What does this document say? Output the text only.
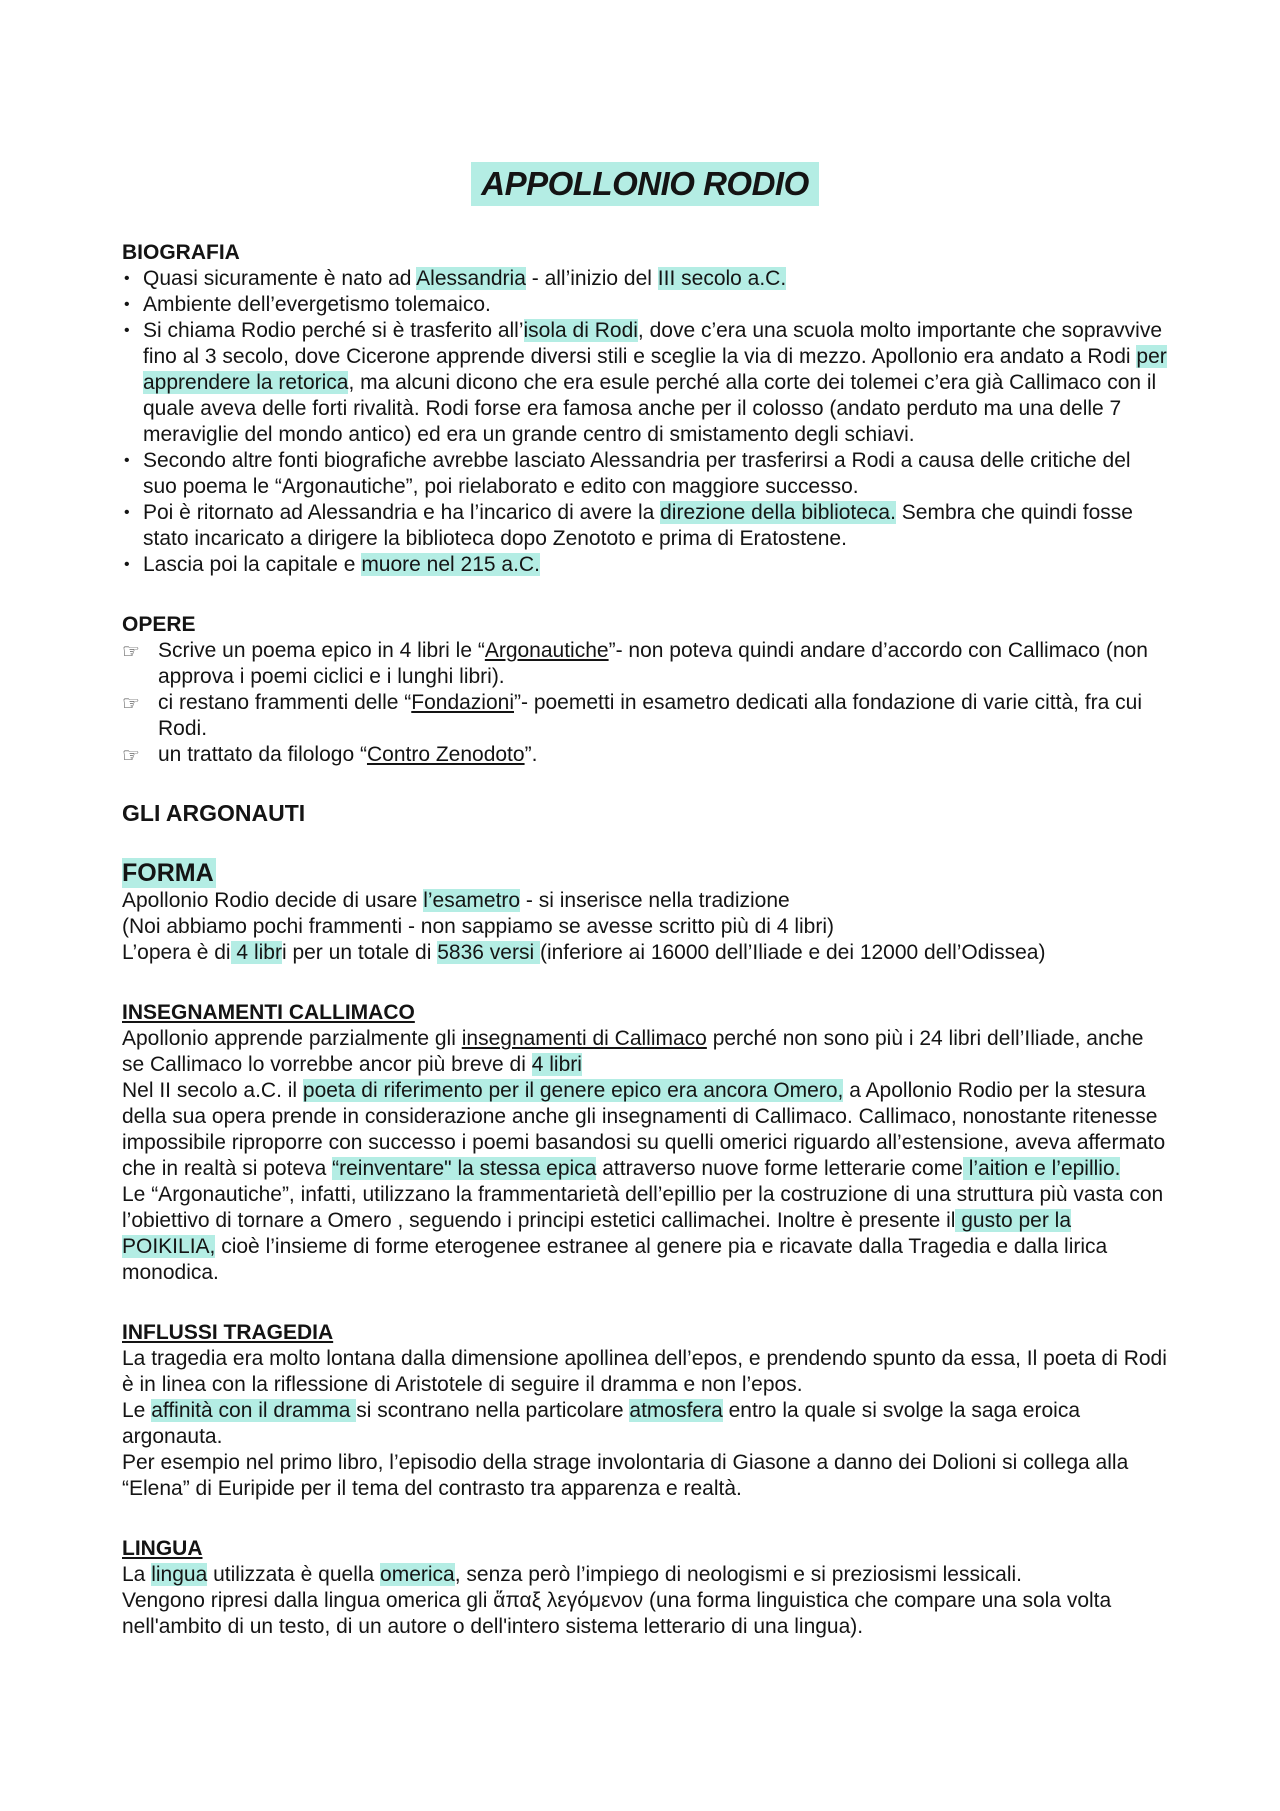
APPOLLONIO RODIO

BIOGRAFIA

• Quasi sicuramente è nato ad Alessandria - all’inizio del III secolo a.C.
• Ambiente dell’evergetismo tolemaico.
• Si chiama Rodio perché si è trasferito all’isola di Rodi, dove c’era una scuola molto importante che sopravvive fino al 3 secolo, dove Cicerone apprende diversi stili e sceglie la via di mezzo. Apollonio era andato a Rodi per apprendere la retorica, ma alcuni dicono che era esule perché alla corte dei tolemei c’era già Callimaco con il quale aveva delle forti rivalità. Rodi forse era famosa anche per il colosso (andato perduto ma una delle 7 meraviglie del mondo antico) ed era un grande centro di smistamento degli schiavi.
• Secondo altre fonti biografiche avrebbe lasciato Alessandria per trasferirsi a Rodi a causa delle critiche del suo poema le “Argonautiche”, poi rielaborato e edito con maggiore successo.
• Poi è ritornato ad Alessandria e ha l’incarico di avere la direzione della biblioteca. Sembra che quindi fosse stato incaricato a dirigere la biblioteca dopo Zenototo e prima di Eratostene.
• Lascia poi la capitale e muore nel 215 a.C.

OPERE

☞ Scrive un poema epico in 4 libri le “Argonautiche”- non poteva quindi andare d’accordo con Callimaco (non approva i poemi ciclici e i lunghi libri).
☞ ci restano frammenti delle “Fondazioni”- poemetti in esametro dedicati alla fondazione di varie città, fra cui Rodi.
☞ un trattato da filologo “Contro Zenodoto”.

GLI ARGONAUTI

FORMA

Apollonio Rodio decide di usare l’esametro - si inserisce nella tradizione

(Noi abbiamo pochi frammenti - non sappiamo se avesse scritto più di 4 libri)

L’opera è di 4 libri per un totale di 5836 versi (inferiore ai 16000 dell’Iliade e dei 12000 dell’Odissea)

INSEGNAMENTI CALLIMACO

Apollonio apprende parzialmente gli insegnamenti di Callimaco perché non sono più i 24 libri dell’Iliade, anche se Callimaco lo vorrebbe ancor più breve di 4 libri

Nel II secolo a.C. il poeta di riferimento per il genere epico era ancora Omero, a Apollonio Rodio per la stesura della sua opera prende in considerazione anche gli insegnamenti di Callimaco. Callimaco, nonostante ritenesse impossibile riproporre con successo i poemi basandosi su quelli omerici riguardo all’estensione, aveva affermato che in realtà si poteva “reinventare" la stessa epica attraverso nuove forme letterarie come l’aition e l’epillio.

Le “Argonautiche”, infatti, utilizzano la frammentarietà dell’epillio per la costruzione di una struttura più vasta con l’obiettivo di tornare a Omero , seguendo i principi estetici callimachei. Inoltre è presente il gusto per la POIKILIA, cioè l’insieme di forme eterogenee estranee al genere pia e ricavate dalla Tragedia e dalla lirica monodica.

INFLUSSI TRAGEDIA

La tragedia era molto lontana dalla dimensione apollinea dell’epos, e prendendo spunto da essa, Il poeta di Rodi è in linea con la riflessione di Aristotele di seguire il dramma e non l’epos.

Le affinità con il dramma si scontrano nella particolare atmosfera entro la quale si svolge la saga eroica argonauta.

Per esempio nel primo libro, l’episodio della strage involontaria di Giasone a danno dei Dolioni si collega alla “Elena” di Euripide per il tema del contrasto tra apparenza e realtà.

LINGUA

La lingua utilizzata è quella omerica, senza però l’impiego di neologismi e si preziosismi lessicali.

Vengono ripresi dalla lingua omerica gli ἅπαξ λεγόμενον (una forma linguistica che compare una sola volta nell'ambito di un testo, di un autore o dell'intero sistema letterario di una lingua).
